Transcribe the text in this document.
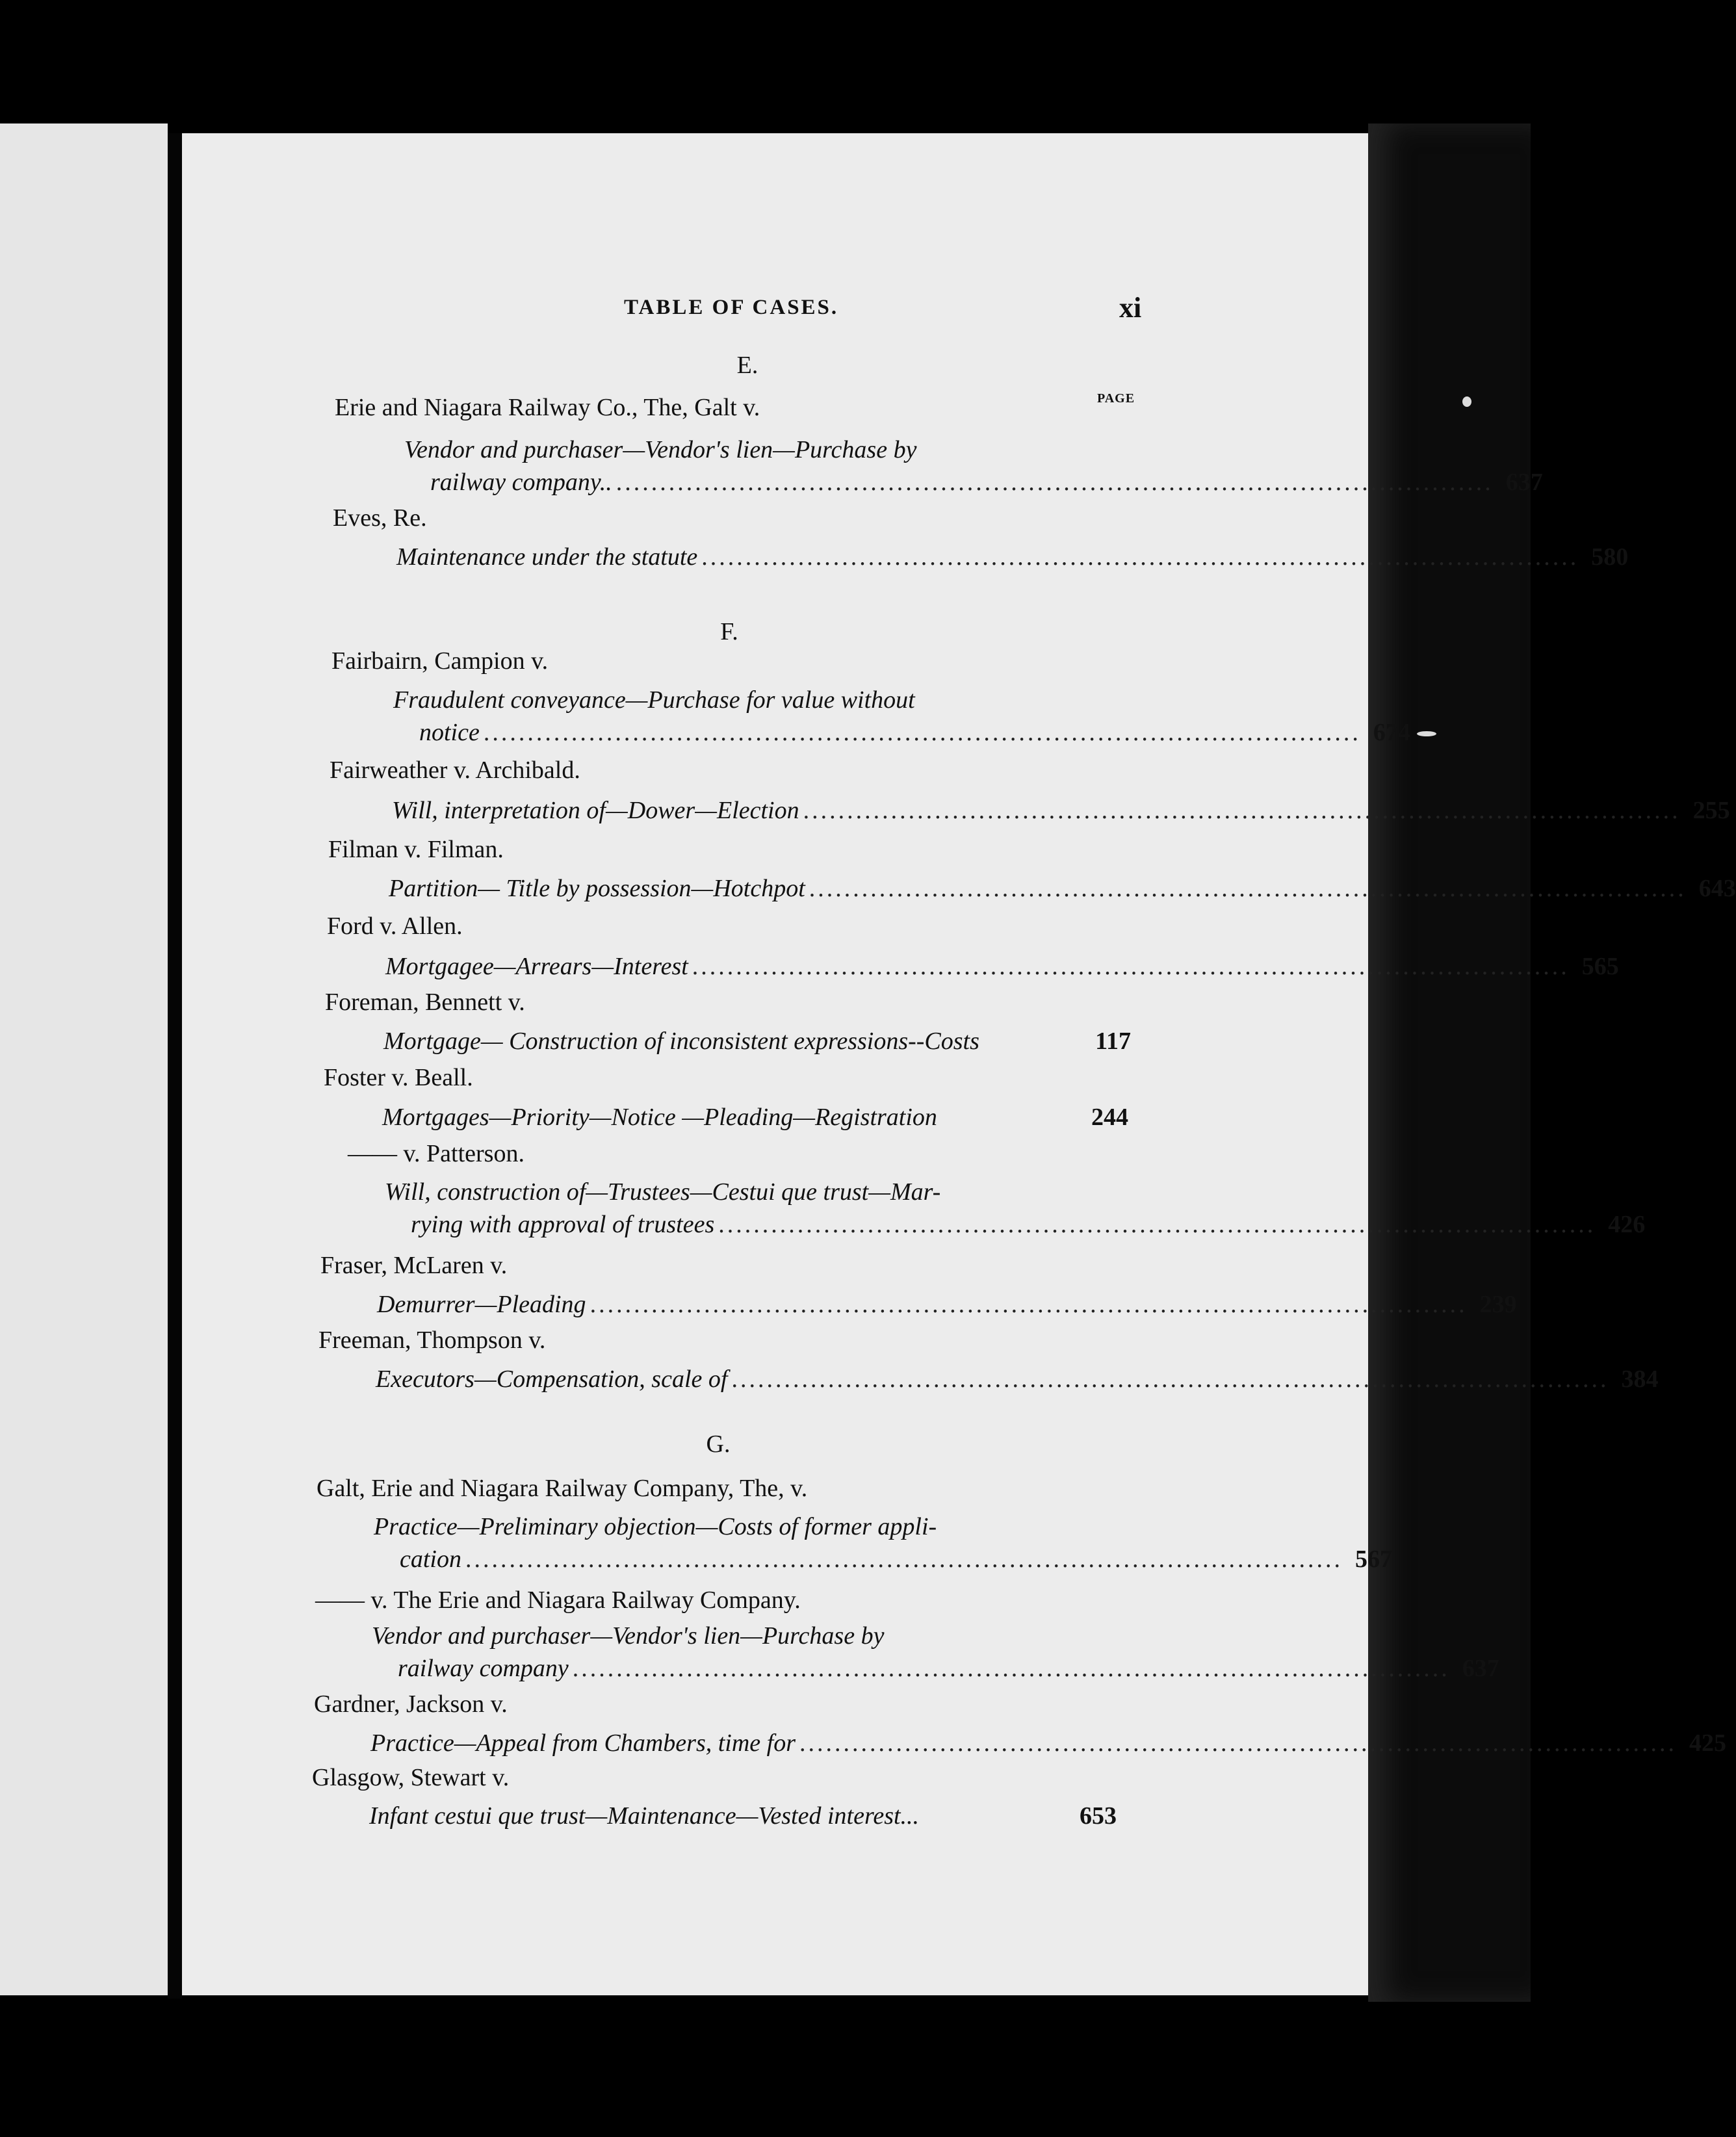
TABLE OF CASES.	xi
PAGE
E.
F.
G.
Erie and Niagara Railway Co., The, Galt v.
Vendor and purchaser—Vendor's lien—Purchase by
railway company.. .................................................................................................... 637
Eves, Re.
Maintenance under the statute .................................................................................................... 580
Fairbairn, Campion v.
Fraudulent conveyance—Purchase for value without
notice .................................................................................................... 674
Fairweather v. Archibald.
Will, interpretation of—Dower—Election .................................................................................................... 255
Filman v. Filman.
Partition— Title by possession—Hotchpot .................................................................................................... 643
Ford v. Allen.
Mortgagee—Arrears—Interest .................................................................................................... 565
Foreman, Bennett v.
Mortgage— Construction of inconsistent expressions--Costs	117
Foster v. Beall.
Mortgages—Priority—Notice —Pleading—Registration	244
—— v. Patterson.
Will, construction of—Trustees—Cestui que trust—Mar-
rying with approval of trustees .................................................................................................... 426
Fraser, McLaren v.
Demurrer—Pleading .................................................................................................... 239
Freeman, Thompson v.
Executors—Compensation, scale of .................................................................................................... 384
Galt, Erie and Niagara Railway Company, The, v.
Practice—Preliminary objection—Costs of former appli-
cation .................................................................................................... 567
—— v. The Erie and Niagara Railway Company.
Vendor and purchaser—Vendor's lien—Purchase by
railway company .................................................................................................... 637
Gardner, Jackson v.
Practice—Appeal from Chambers, time for .................................................................................................... 425
Glasgow, Stewart v.
Infant cestui que trust—Maintenance—Vested interest...	653
